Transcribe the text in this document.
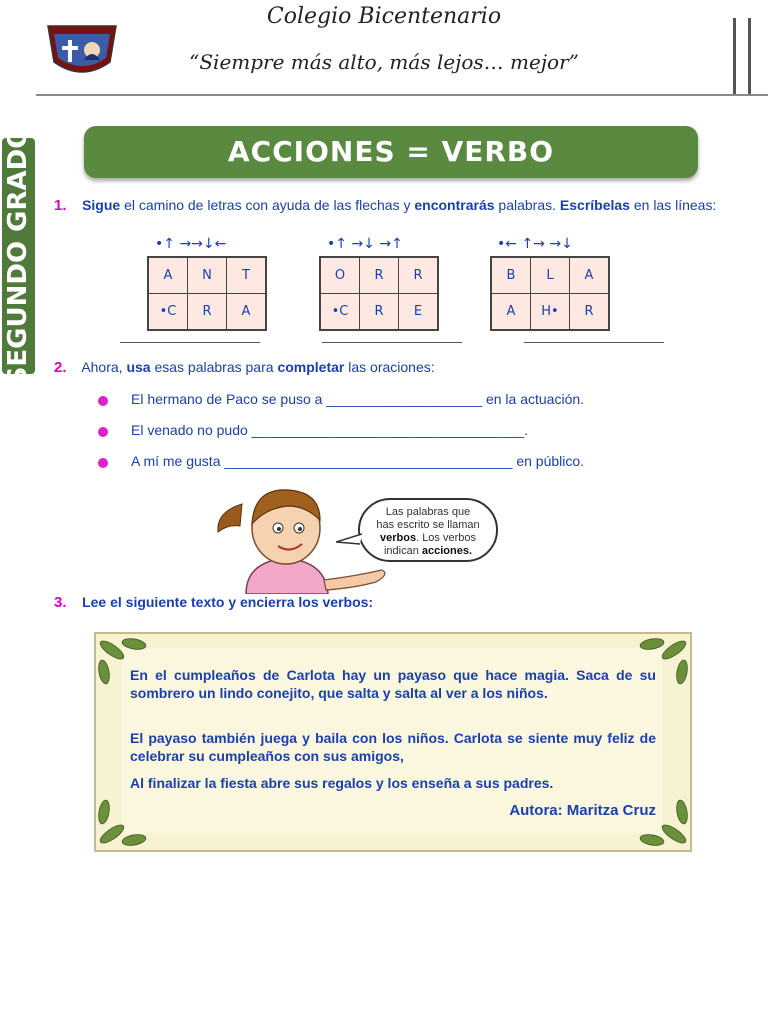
Colegio Bicentenario
“Siempre más alto, más lejos… mejor”
SEGUNDO GRADO	ACCIONES = VERBO
1. Sigue el camino de letras con ayuda de las flechas y encontrarás palabras. Escríbelas en las líneas:
•↑ →→↓←
A	N	T
•C	R	A
•↑ →↓ →↑
O	R	R
•C	R	E
•← ↑→ →↓
B	L	A
A	H•	R
2. Ahora, usa esas palabras para completar las oraciones:
El hermano de Paco se puso a ____________________ en la actuación.
El venado no pudo ___________________________________.
A mí me gusta _____________________________________ en público.
Las palabras que
has escrito se llaman
verbos. Los verbos
indican acciones.
3. Lee el siguiente texto y encierra los verbos:
En el cumpleaños de Carlota hay un payaso que hace magia. Saca de su sombrero un lindo conejito, que salta y salta al ver a los niños.
El payaso también juega y baila con los niños. Carlota se siente muy feliz de celebrar su cumpleaños con sus amigos,
Al finalizar la fiesta abre sus regalos y los enseña a sus padres.
Autora: Maritza Cruz
